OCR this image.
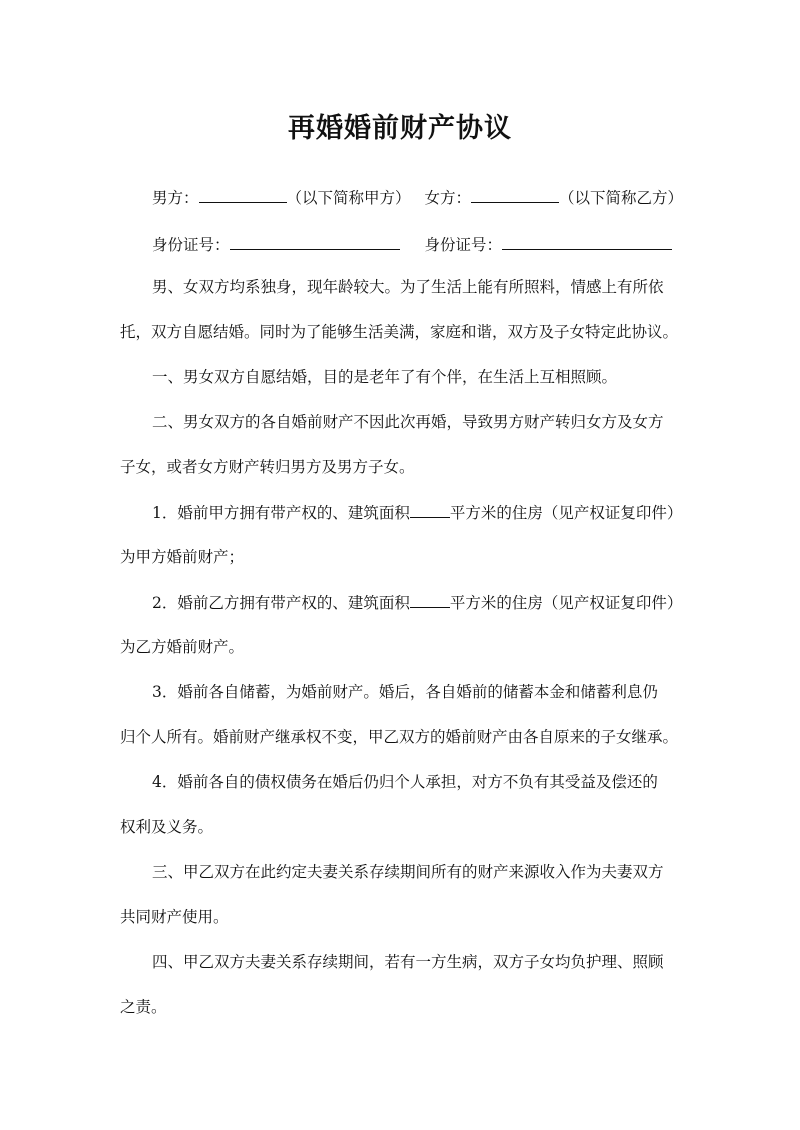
再婚婚前财产协议
男方：	（以下简称甲方） 女方：	（以下简称乙方）
身份证号：	身份证号：
男、女双方均系独身，现年龄较大。为了生活上能有所照料，情感上有所依
托，双方自愿结婚。同时为了能够生活美满，家庭和谐，双方及子女特定此协议。
一、男女双方自愿结婚，目的是老年了有个伴，在生活上互相照顾。
二、男女双方的各自婚前财产不因此次再婚，导致男方财产转归女方及女方
子女，或者女方财产转归男方及男方子女。
1．婚前甲方拥有带产权的、建筑面积	平方米的住房（见产权证复印件）
为甲方婚前财产；
2．婚前乙方拥有带产权的、建筑面积	平方米的住房（见产权证复印件）
为乙方婚前财产。
3．婚前各自储蓄，为婚前财产。婚后，各自婚前的储蓄本金和储蓄利息仍
归个人所有。婚前财产继承权不变，甲乙双方的婚前财产由各自原来的子女继承。
4．婚前各自的债权债务在婚后仍归个人承担，对方不负有其受益及偿还的
权利及义务。
三、甲乙双方在此约定夫妻关系存续期间所有的财产来源收入作为夫妻双方
共同财产使用。
四、甲乙双方夫妻关系存续期间，若有一方生病，双方子女均负护理、照顾
之责。
